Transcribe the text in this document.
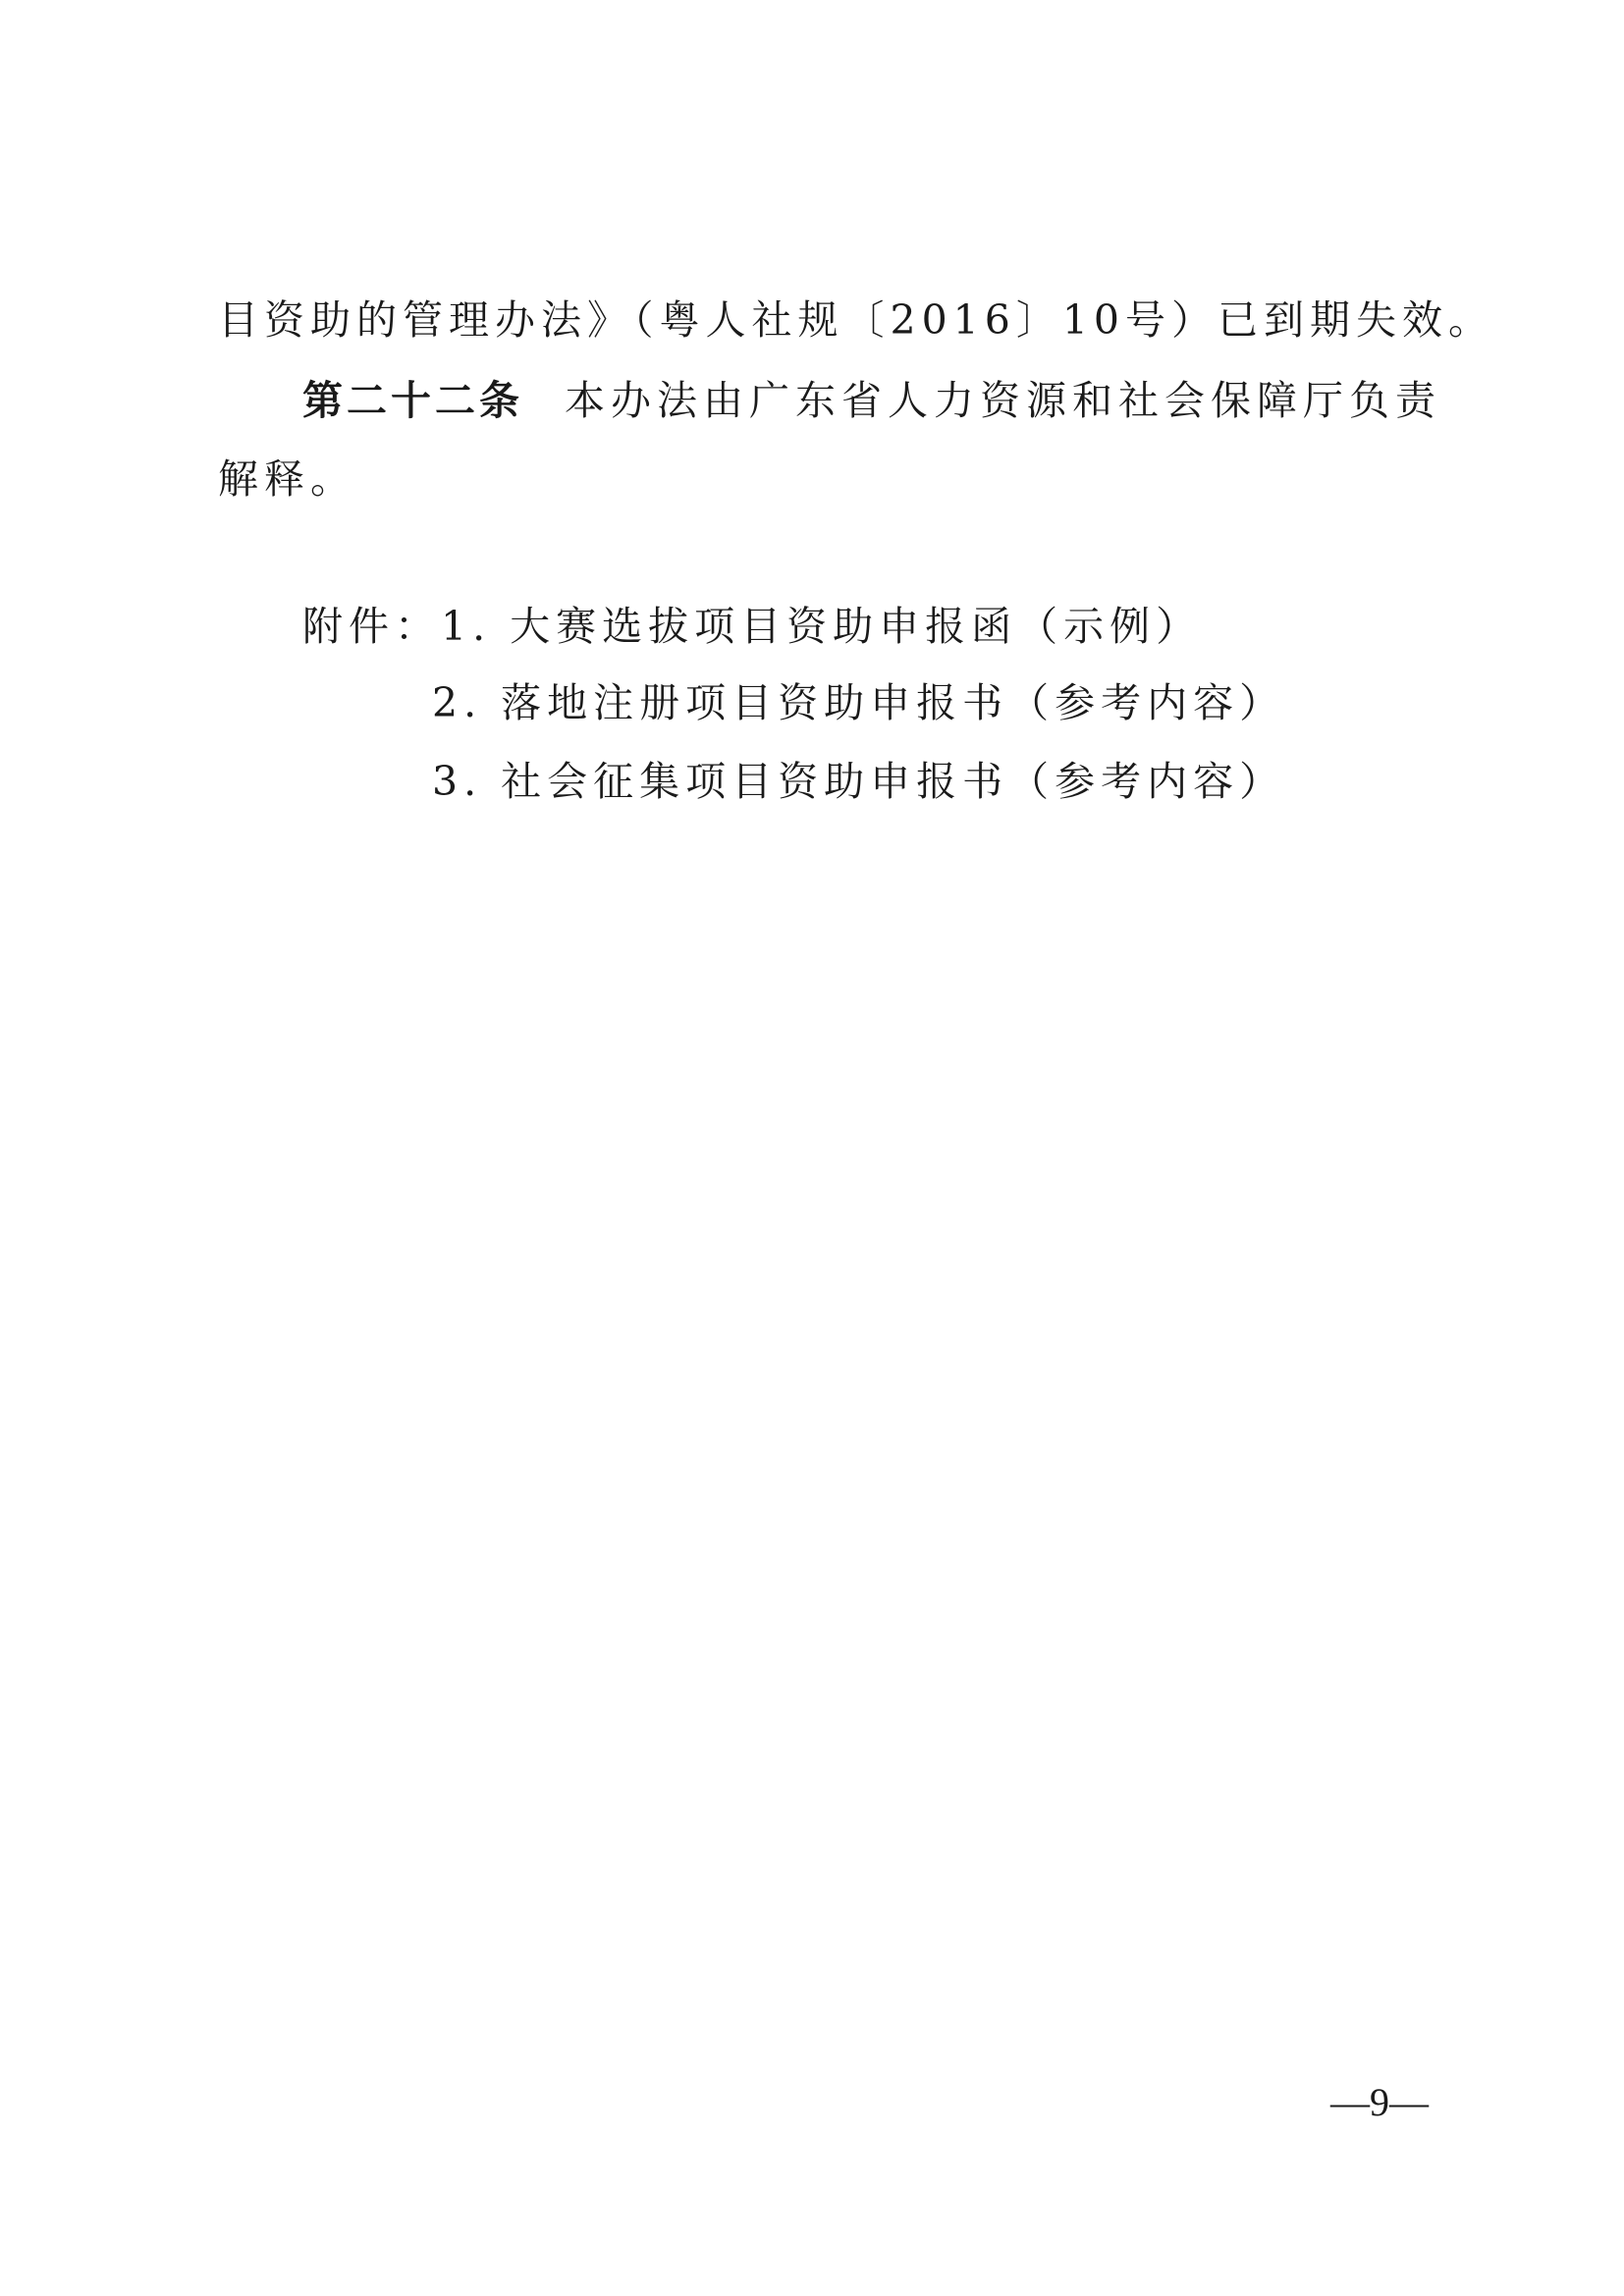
目资助的管理办法》（粤人社规〔2016〕10号）已到期失效。
第二十二条 本办法由广东省人力资源和社会保障厅负责
解释。
附件：1. 大赛选拔项目资助申报函（示例）
2. 落地注册项目资助申报书（参考内容）
3. 社会征集项目资助申报书（参考内容）
—9—
